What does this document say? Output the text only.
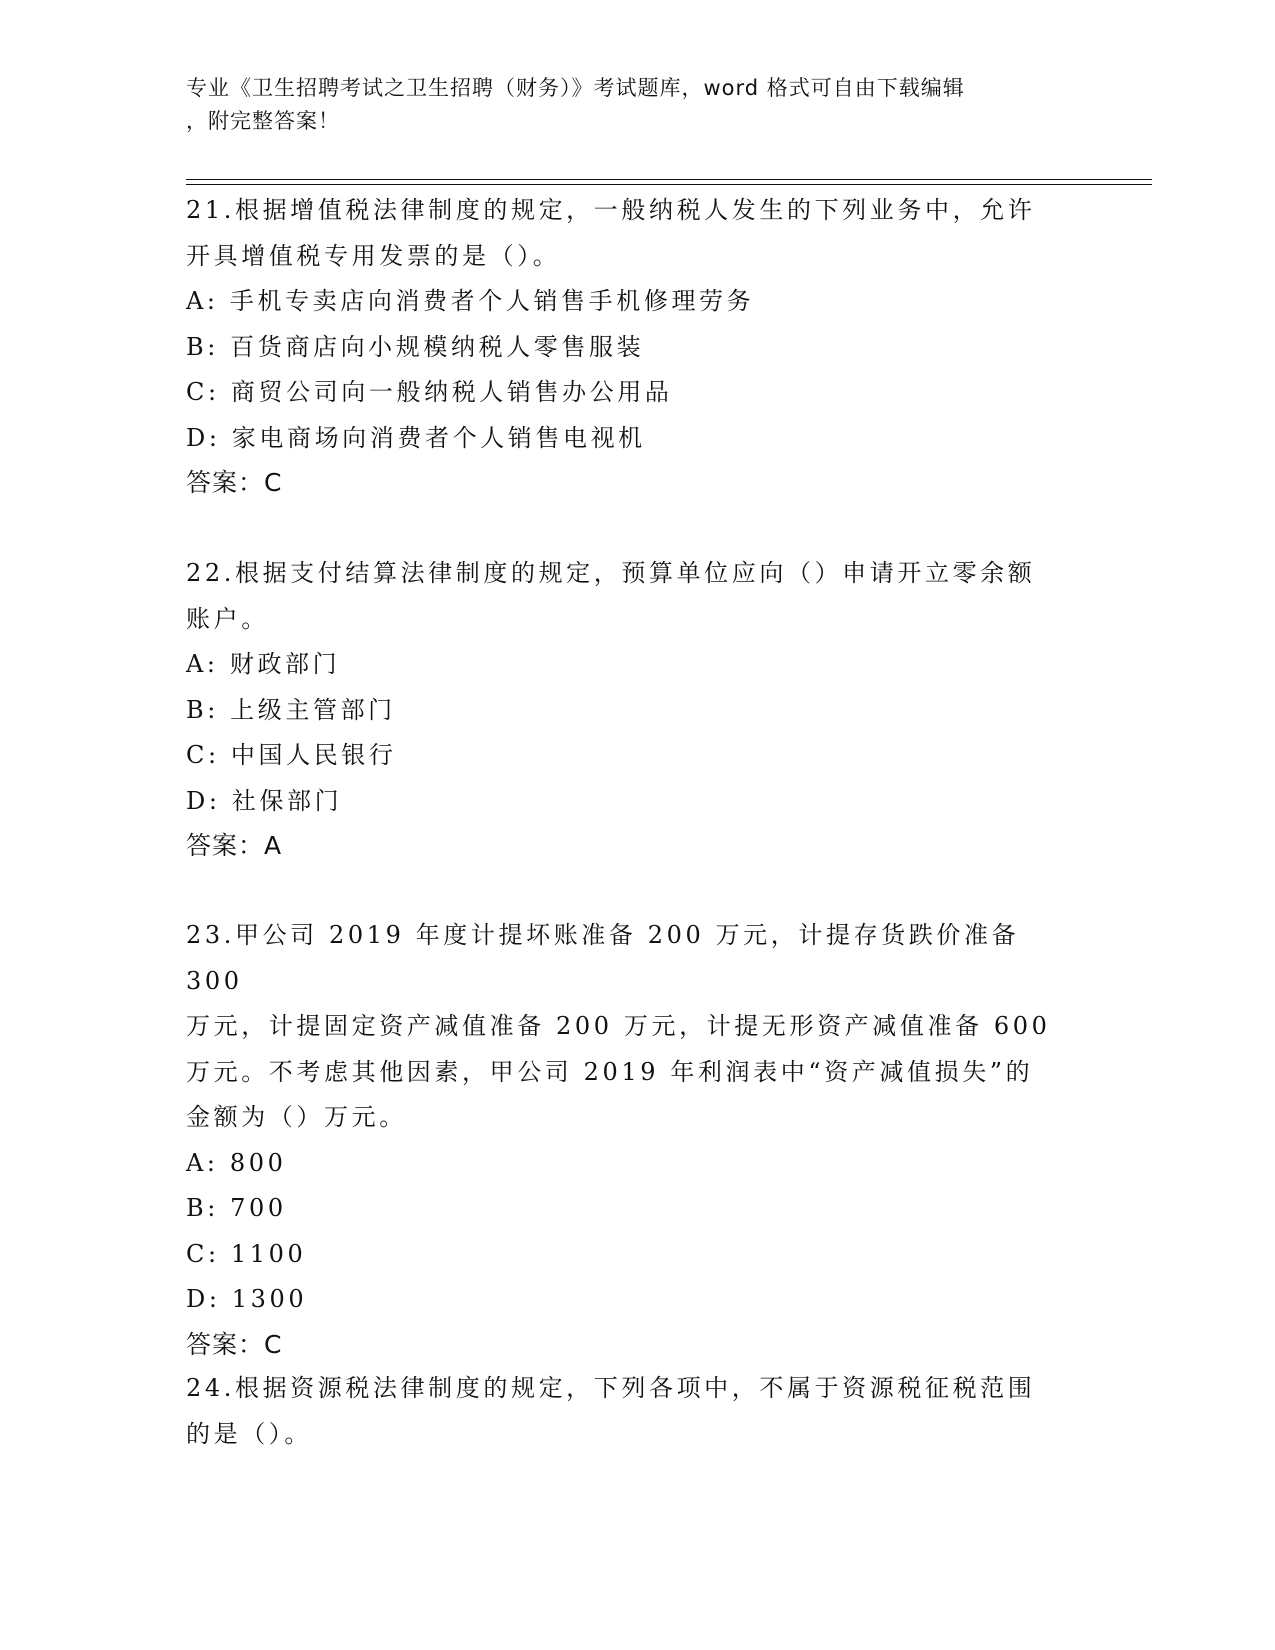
专业《卫生招聘考试之卫生招聘（财务）》考试题库，word 格式可自由下载编辑
，附完整答案！

21.根据增值税法律制度的规定，一般纳税人发生的下列业务中，允许

开具增值税专用发票的是（）。

A: 手机专卖店向消费者个人销售手机修理劳务

B: 百货商店向小规模纳税人零售服装

C: 商贸公司向一般纳税人销售办公用品

D: 家电商场向消费者个人销售电视机

答案：C

22.根据支付结算法律制度的规定，预算单位应向（）申请开立零余额

账户。

A: 财政部门

B: 上级主管部门

C: 中国人民银行

D: 社保部门

答案：A

23.甲公司 2019 年度计提坏账准备 200 万元，计提存货跌价准备 300

万元，计提固定资产减值准备 200 万元，计提无形资产减值准备 600

万元。不考虑其他因素，甲公司 2019 年利润表中“资产减值损失”的

金额为（）万元。

A: 800

B: 700

C: 1100

D: 1300

答案：C

24.根据资源税法律制度的规定，下列各项中，不属于资源税征税范围

的是（）。
